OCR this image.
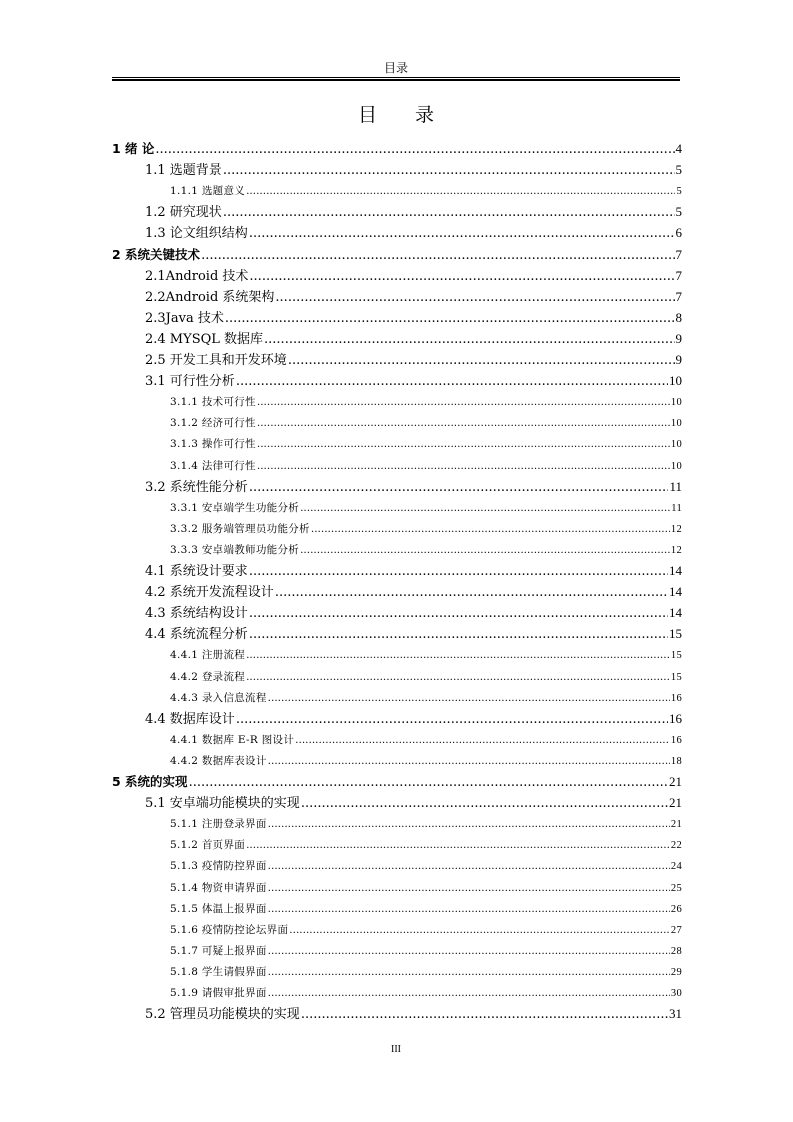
目录
目 录
1 绪 论 .....	4
1.1 选题背景 .....	5
1.1.1 选题意义 .....	5
1.2 研究现状 .....	5
1.3 论文组织结构 .....	6
2 系统关键技术 .....	7
2.1Android 技术 .....	7
2.2Android 系统架构 .....	7
2.3Java 技术 .....	8
2.4 MYSQL 数据库 .....	9
2.5 开发工具和开发环境 .....	9
3.1 可行性分析 .....	10
3.1.1 技术可行性 .....	10
3.1.2 经济可行性 .....	10
3.1.3 操作可行性 .....	10
3.1.4 法律可行性 .....	10
3.2 系统性能分析 .....	11
3.3.1 安卓端学生功能分析 .....	11
3.3.2 服务端管理员功能分析 .....	12
3.3.3 安卓端教师功能分析 .....	12
4.1 系统设计要求 .....	14
4.2 系统开发流程设计 .....	14
4.3 系统结构设计 .....	14
4.4 系统流程分析 .....	15
4.4.1 注册流程 .....	15
4.4.2 登录流程 .....	15
4.4.3 录入信息流程 .....	16
4.4 数据库设计 .....	16
4.4.1 数据库 E-R 图设计 .....	16
4.4.2 数据库表设计 .....	18
5 系统的实现 .....	21
5.1 安卓端功能模块的实现 .....	21
5.1.1 注册登录界面 .....	21
5.1.2 首页界面 .....	22
5.1.3 疫情防控界面 .....	24
5.1.4 物资申请界面 .....	25
5.1.5 体温上报界面 .....	26
5.1.6 疫情防控论坛界面 .....	27
5.1.7 可疑上报界面 .....	28
5.1.8 学生请假界面 .....	29
5.1.9 请假审批界面 .....	30
5.2 管理员功能模块的实现 .....	31
III
